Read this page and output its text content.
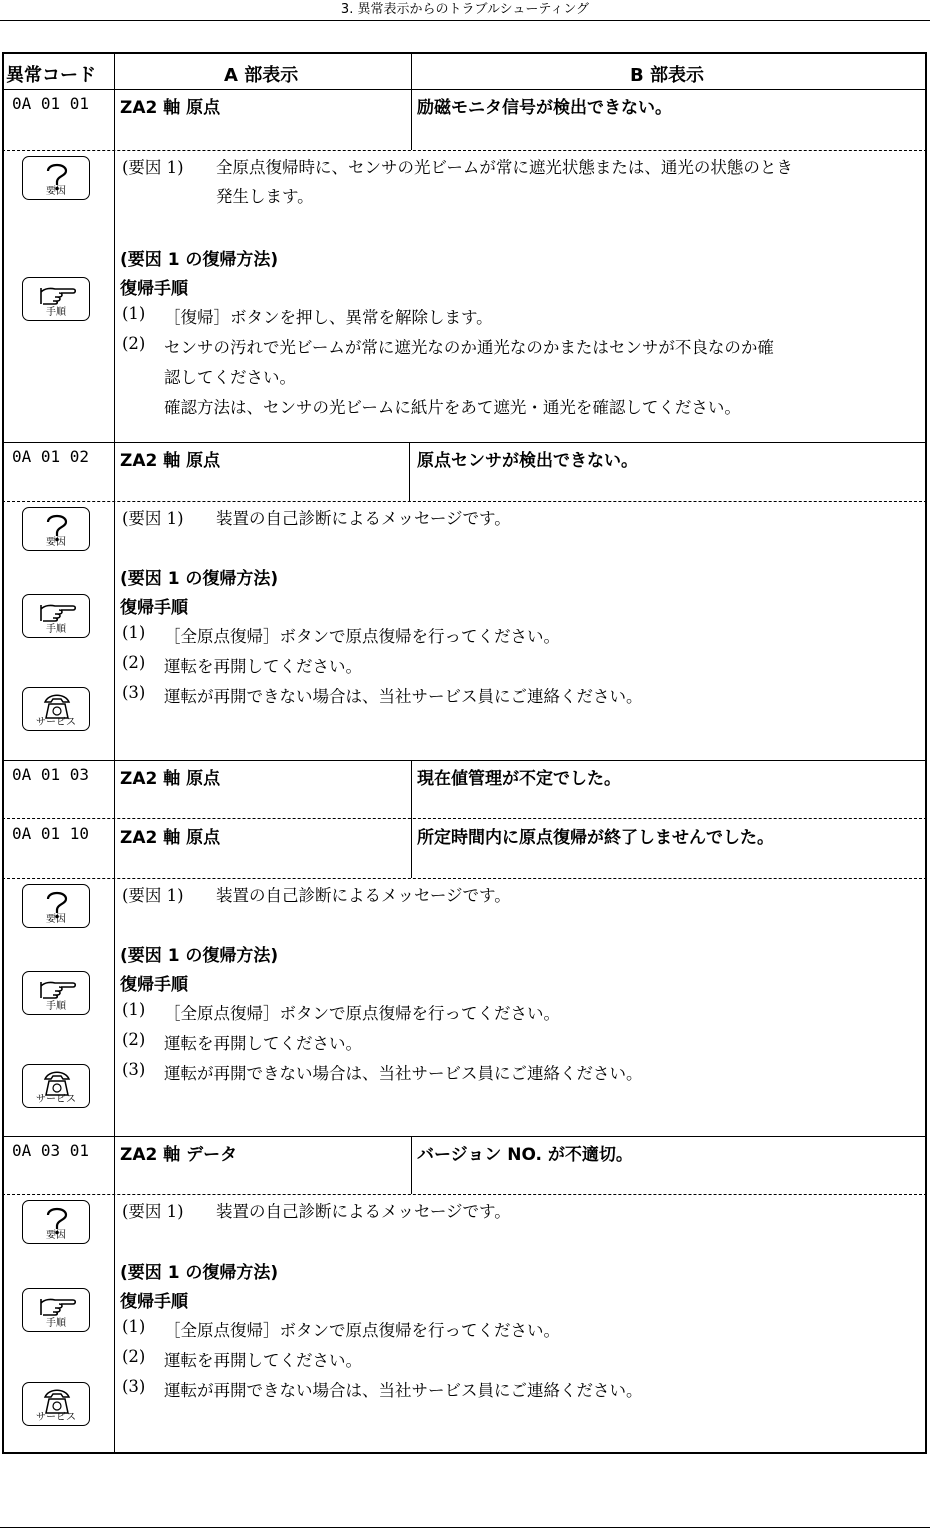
3. 異常表示からのトラブルシューティング
異常コード	A 部表示	B 部表示
0A 01 01 ZA2 軸 原点	励磁モニタ信号が検出できない。
要因
(要因 1) 全原点復帰時に、センサの光ビームが常に遮光状態または、通光の状態のとき
発生します。
(要因 1 の復帰方法)
手順
復帰手順
(1) ［復帰］ボタンを押し、異常を解除します。
(2) センサの汚れで光ビームが常に遮光なのか通光なのかまたはセンサが不良なのか確
認してください。
確認方法は、センサの光ビームに紙片をあて遮光・通光を確認してください。
0A 01 02 ZA2 軸 原点	原点センサが検出できない。
要因
(要因 1) 装置の自己診断によるメッセージです。
(要因 1 の復帰方法)
手順
復帰手順
(1) ［全原点復帰］ボタンで原点復帰を行ってください。
(2) 運転を再開してください。
(3) 運転が再開できない場合は、当社サービス員にご連絡ください。
サービス
0A 01 03 ZA2 軸 原点	現在値管理が不定でした。
0A 01 10 ZA2 軸 原点	所定時間内に原点復帰が終了しませんでした。
要因
(要因 1) 装置の自己診断によるメッセージです。
(要因 1 の復帰方法)
手順
復帰手順
(1) ［全原点復帰］ボタンで原点復帰を行ってください。
(2) 運転を再開してください。
(3) 運転が再開できない場合は、当社サービス員にご連絡ください。
サービス
0A 03 01 ZA2 軸 データ	バージョン NO. が不適切。
要因
(要因 1) 装置の自己診断によるメッセージです。
(要因 1 の復帰方法)
手順
復帰手順
(1) ［全原点復帰］ボタンで原点復帰を行ってください。
(2) 運転を再開してください。
(3) 運転が再開できない場合は、当社サービス員にご連絡ください。
サービス
